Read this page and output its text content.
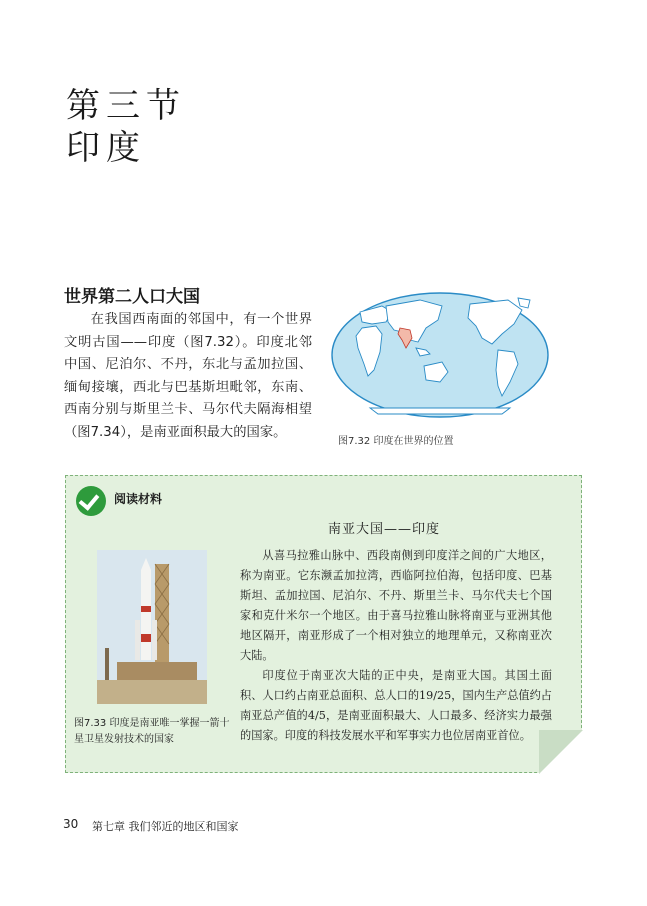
第三节
印度
世界第二人口大国

在我国西南面的邻国中，有一个世界文明古国——印度（图7.32）。印度北邻中国、尼泊尔、不丹，东北与孟加拉国、缅甸接壤，西北与巴基斯坦毗邻，东南、西南分别与斯里兰卡、马尔代夫隔海相望（图7.34），是南亚面积最大的国家。

图7.32 印度在世界的位置
阅读材料
南亚大国——印度
图7.33 印度是南亚唯一掌握一箭十星卫星发射技术的国家

从喜马拉雅山脉中、西段南侧到印度洋之间的广大地区，称为南亚。它东濒孟加拉湾，西临阿拉伯海，包括印度、巴基斯坦、孟加拉国、尼泊尔、不丹、斯里兰卡、马尔代夫七个国家和克什米尔一个地区。由于喜马拉雅山脉将南亚与亚洲其他地区隔开，南亚形成了一个相对独立的地理单元，又称南亚次大陆。

印度位于南亚次大陆的正中央，是南亚大国。其国土面积、人口约占南亚总面积、总人口的19/25，国内生产总值约占南亚总产值的4/5，是南亚面积最大、人口最多、经济实力最强的国家。印度的科技发展水平和军事实力也位居南亚首位。

30 第七章 我们邻近的地区和国家
